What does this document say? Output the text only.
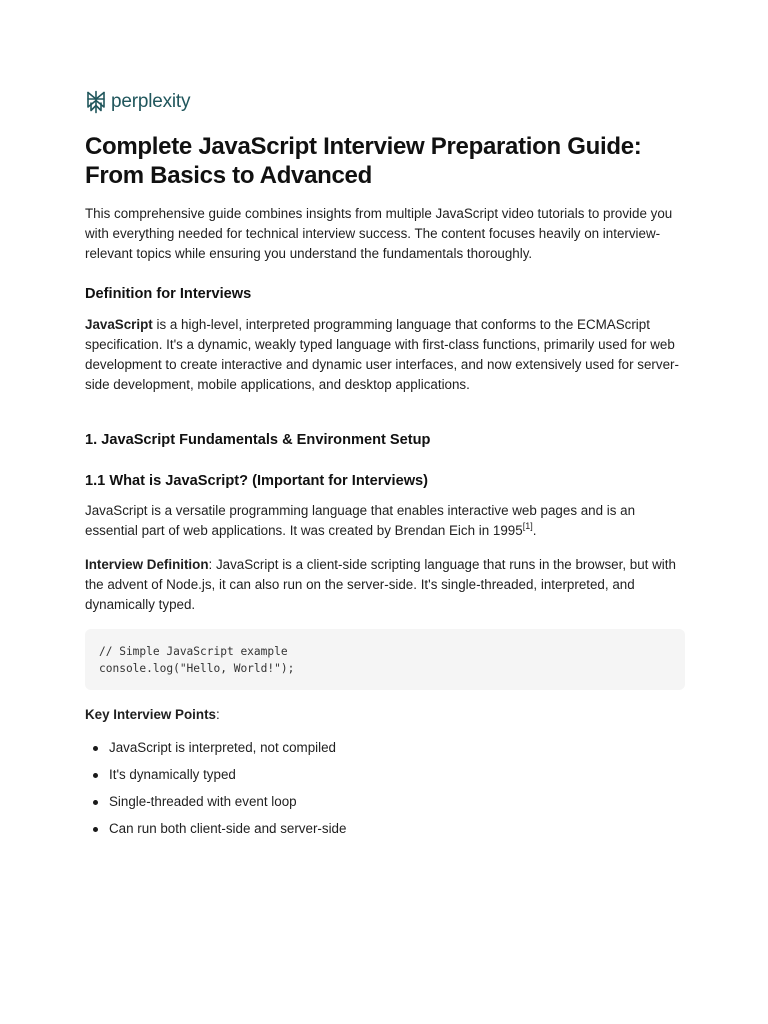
perplexity
Complete JavaScript Interview Preparation Guide: From Basics to Advanced

This comprehensive guide combines insights from multiple JavaScript video tutorials to provide you with everything needed for technical interview success. The content focuses heavily on interview-relevant topics while ensuring you understand the fundamentals thoroughly.

Definition for Interviews

JavaScript is a high-level, interpreted programming language that conforms to the ECMAScript specification. It's a dynamic, weakly typed language with first-class functions, primarily used for web development to create interactive and dynamic user interfaces, and now extensively used for server-side development, mobile applications, and desktop applications.

1. JavaScript Fundamentals & Environment Setup
1.1 What is JavaScript? (Important for Interviews)

JavaScript is a versatile programming language that enables interactive web pages and is an essential part of web applications. It was created by Brendan Eich in 1995[1].

Interview Definition: JavaScript is a client-side scripting language that runs in the browser, but with the advent of Node.js, it can also run on the server-side. It's single-threaded, interpreted, and dynamically typed.

// Simple JavaScript example
console.log("Hello, World!");

Key Interview Points:

JavaScript is interpreted, not compiled
It's dynamically typed
Single-threaded with event loop
Can run both client-side and server-side
